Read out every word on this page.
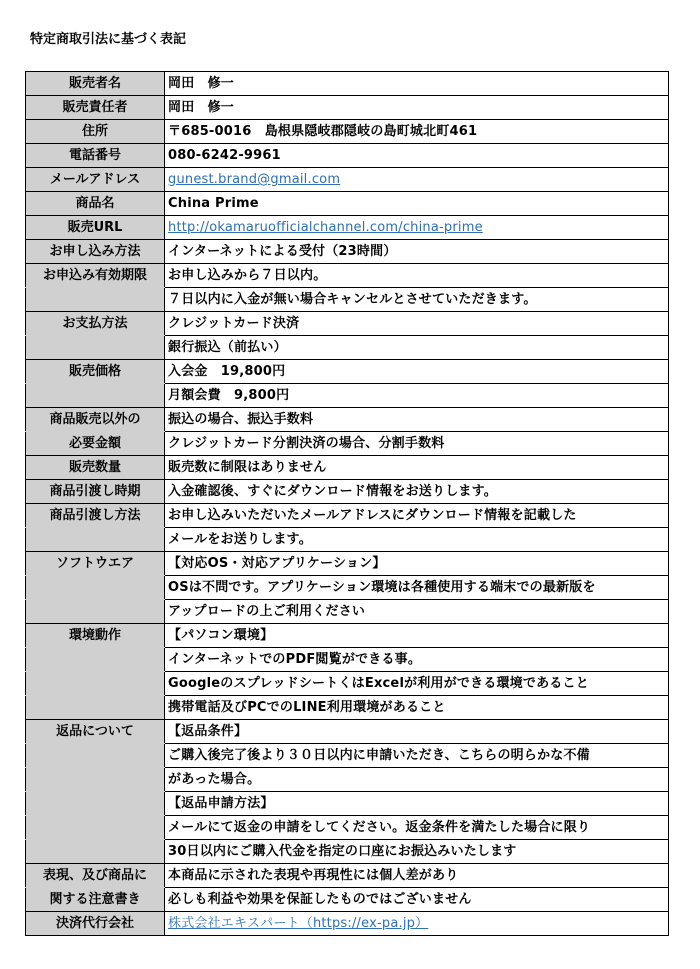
特定商取引法に基づく表記
販売者名	岡田　修一
販売責任者	岡田　修一
住所	〒685-0016　島根県隠岐郡隠岐の島町城北町461
電話番号	080-6242-9961
メールアドレス	gunest.brand@gmail.com
商品名	China Prime
販売URL	http://okamaruofficialchannel.com/china-prime
お申し込み方法	インターネットによる受付（23時間）
お申込み有効期限	お申し込みから７日以内。
	７日以内に入金が無い場合キャンセルとさせていただきます。
お支払方法	クレジットカード決済
	銀行振込（前払い）
販売価格	入会金　19,800円
	月額会費　9,800円
商品販売以外の	振込の場合、振込手数料
必要金額	クレジットカード分割決済の場合、分割手数料
販売数量	販売数に制限はありません
商品引渡し時期	入金確認後、すぐにダウンロード情報をお送りします。
商品引渡し方法	お申し込みいただいたメールアドレスにダウンロード情報を記載した
	メールをお送りします。
ソフトウエア	【対応OS・対応アプリケーション】
	OSは不問です。アプリケーション環境は各種使用する端末での最新版を
	アップロードの上ご利用ください
環境動作	【パソコン環境】
	インターネットでのPDF閲覧ができる事。
	GoogleのスプレッドシートくはExcelが利用ができる環境であること
	携帯電話及びPCでのLINE利用環境があること
返品について	【返品条件】
	ご購入後完了後より３０日以内に申請いただき、こちらの明らかな不備
	があった場合。
	【返品申請方法】
	メールにて返金の申請をしてください。返金条件を満たした場合に限り
	30日以内にご購入代金を指定の口座にお振込みいたします
表現、及び商品に	本商品に示された表現や再現性には個人差があり
関する注意書き	必しも利益や効果を保証したものではございません
決済代行会社	株式会社エキスパート（https://ex-pa.jp）
